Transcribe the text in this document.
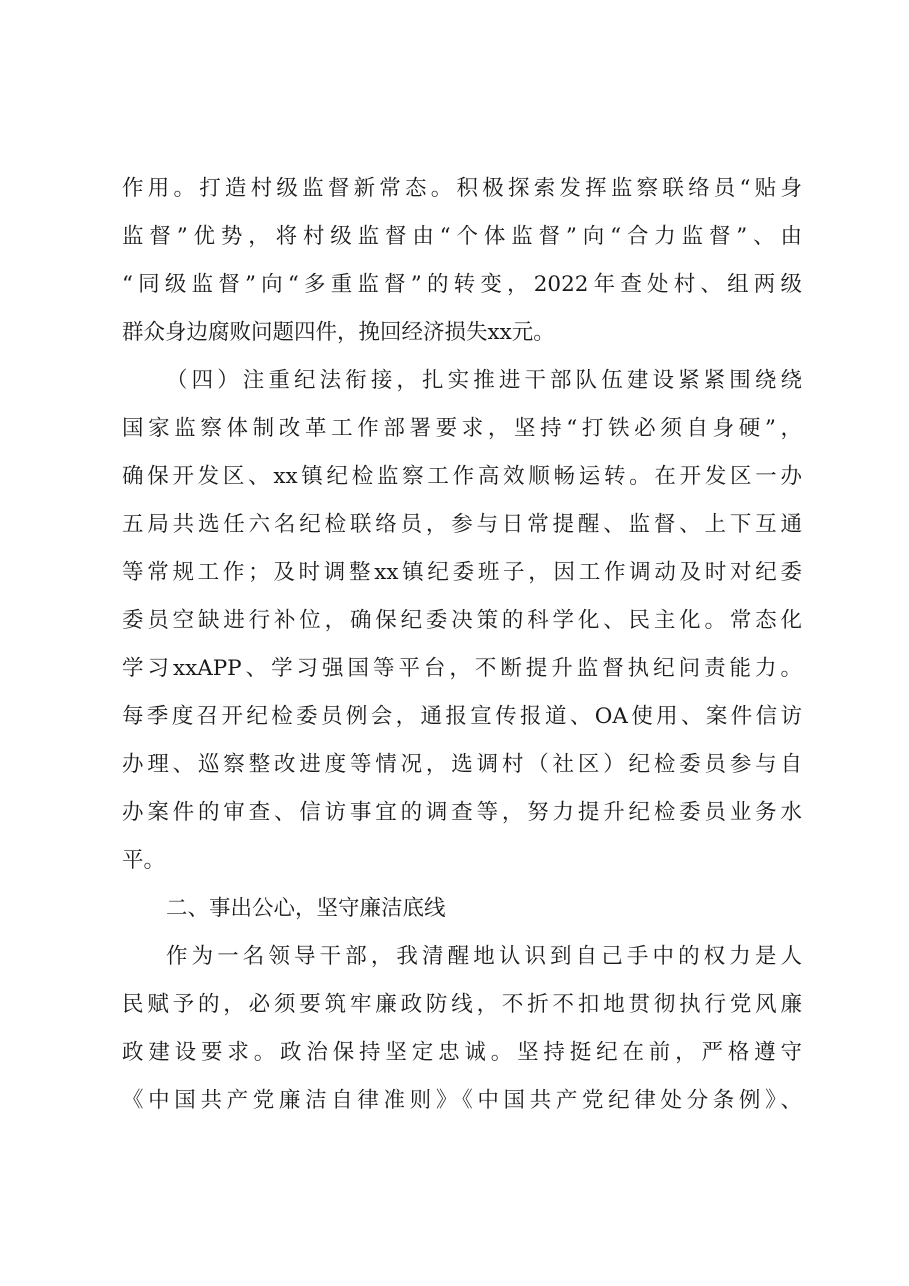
作用。打造村级监督新常态。积极探索发挥监察联络员“贴身
监督”优势，将村级监督由“个体监督”向“合力监督”、由
“同级监督”向“多重监督”的转变，2022年查处村、组两级
群众身边腐败问题四件，挽回经济损失xx元。
（四）注重纪法衔接，扎实推进干部队伍建设紧紧围绕绕
国家监察体制改革工作部署要求，坚持“打铁必须自身硬”，
确保开发区、xx镇纪检监察工作高效顺畅运转。在开发区一办
五局共选任六名纪检联络员，参与日常提醒、监督、上下互通
等常规工作；及时调整xx镇纪委班子，因工作调动及时对纪委
委员空缺进行补位，确保纪委决策的科学化、民主化。常态化
学习xxAPP、学习强国等平台，不断提升监督执纪问责能力。
每季度召开纪检委员例会，通报宣传报道、OA使用、案件信访
办理、巡察整改进度等情况，选调村（社区）纪检委员参与自
办案件的审查、信访事宜的调查等，努力提升纪检委员业务水
平。
二、事出公心，坚守廉洁底线
作为一名领导干部，我清醒地认识到自己手中的权力是人
民赋予的，必须要筑牢廉政防线，不折不扣地贯彻执行党风廉
政建设要求。政治保持坚定忠诚。坚持挺纪在前，严格遵守
《中国共产党廉洁自律准则》《中国共产党纪律处分条例》、
